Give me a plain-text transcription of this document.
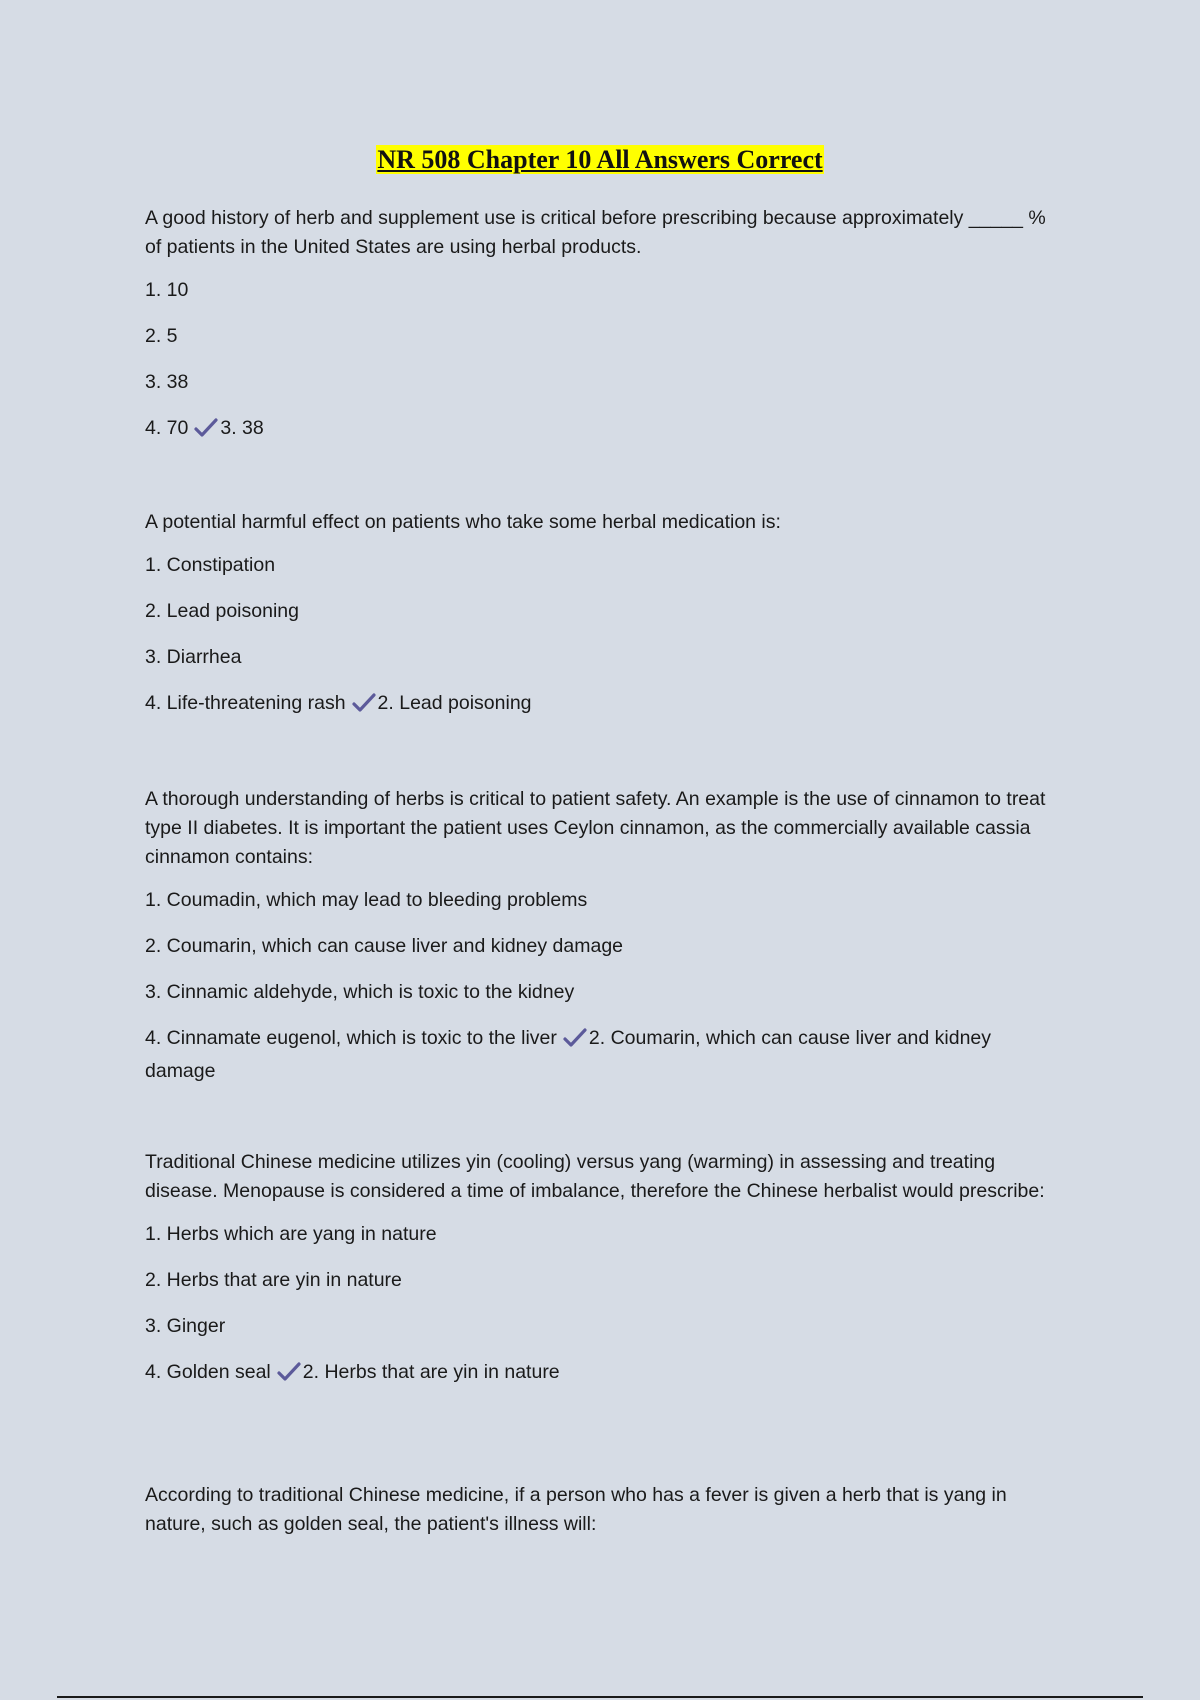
NR 508 Chapter 10 All Answers Correct
A good history of herb and supplement use is critical before prescribing because approximately _____ % of patients in the United States are using herbal products.
1. 10
2. 5
3. 38
4. 70 3. 38
A potential harmful effect on patients who take some herbal medication is:
1. Constipation
2. Lead poisoning
3. Diarrhea
4. Life-threatening rash 2. Lead poisoning
A thorough understanding of herbs is critical to patient safety. An example is the use of cinnamon to treat type II diabetes. It is important the patient uses Ceylon cinnamon, as the commercially available cassia cinnamon contains:
1. Coumadin, which may lead to bleeding problems
2. Coumarin, which can cause liver and kidney damage
3. Cinnamic aldehyde, which is toxic to the kidney
4. Cinnamate eugenol, which is toxic to the liver 2. Coumarin, which can cause liver and kidney damage
Traditional Chinese medicine utilizes yin (cooling) versus yang (warming) in assessing and treating disease. Menopause is considered a time of imbalance, therefore the Chinese herbalist would prescribe:
1. Herbs which are yang in nature
2. Herbs that are yin in nature
3. Ginger
4. Golden seal 2. Herbs that are yin in nature
According to traditional Chinese medicine, if a person who has a fever is given a herb that is yang in nature, such as golden seal, the patient's illness will:
